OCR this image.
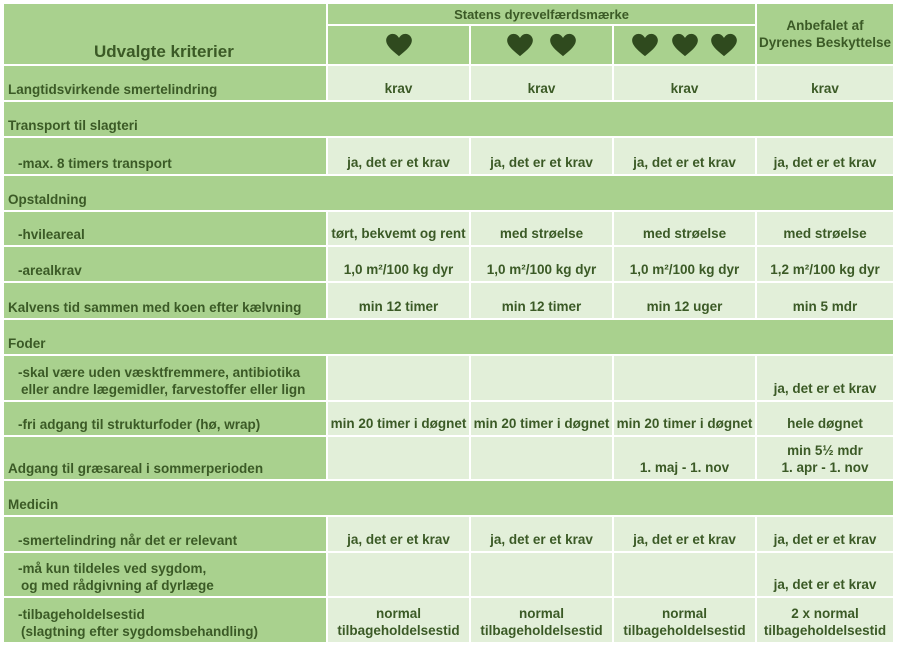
Udvalgte kriterier	Statens dyrevelfærdsmærke			Anbefalet af
Dyrenes Beskyttelse

Langtidsvirkende smertelindring	krav	krav	krav	krav
Transport til slagteri				
-max. 8 timers transport	ja, det er et krav	ja, det er et krav	ja, det er et krav	ja, det er et krav
Opstaldning				
-hvileareal	tørt, bekvemt og rent	med strøelse	med strøelse	med strøelse
-arealkrav	1,0 m²/100 kg dyr	1,0 m²/100 kg dyr	1,0 m²/100 kg dyr	1,2 m²/100 kg dyr
Kalvens tid sammen med koen efter kælvning	min 12 timer	min 12 timer	min 12 uger	min 5 mdr
Foder				

-skal være uden væsktfremmere, antibiotika
eller andre lægemidler, farvestoffer eller lign				ja, det er et krav
-fri adgang til strukturfoder (hø, wrap)	min 20 timer i døgnet	min 20 timer i døgnet	min 20 timer i døgnet	hele døgnet
Adgang til græsareal i sommerperioden			1. maj - 1. nov	min 5½ mdr
1. apr - 1. nov

Medicin				
-smertelindring når det er relevant	ja, det er et krav	ja, det er et krav	ja, det er et krav	ja, det er et krav

-må kun tildeles ved sygdom,
og med rådgivning af dyrlæge				ja, det er et krav

-tilbageholdelsestid
(slagtning efter sygdomsbehandling)	normal
tilbageholdelsestid	normal
tilbageholdelsestid	normal
tilbageholdelsestid	2 x normal
tilbageholdelsestid
